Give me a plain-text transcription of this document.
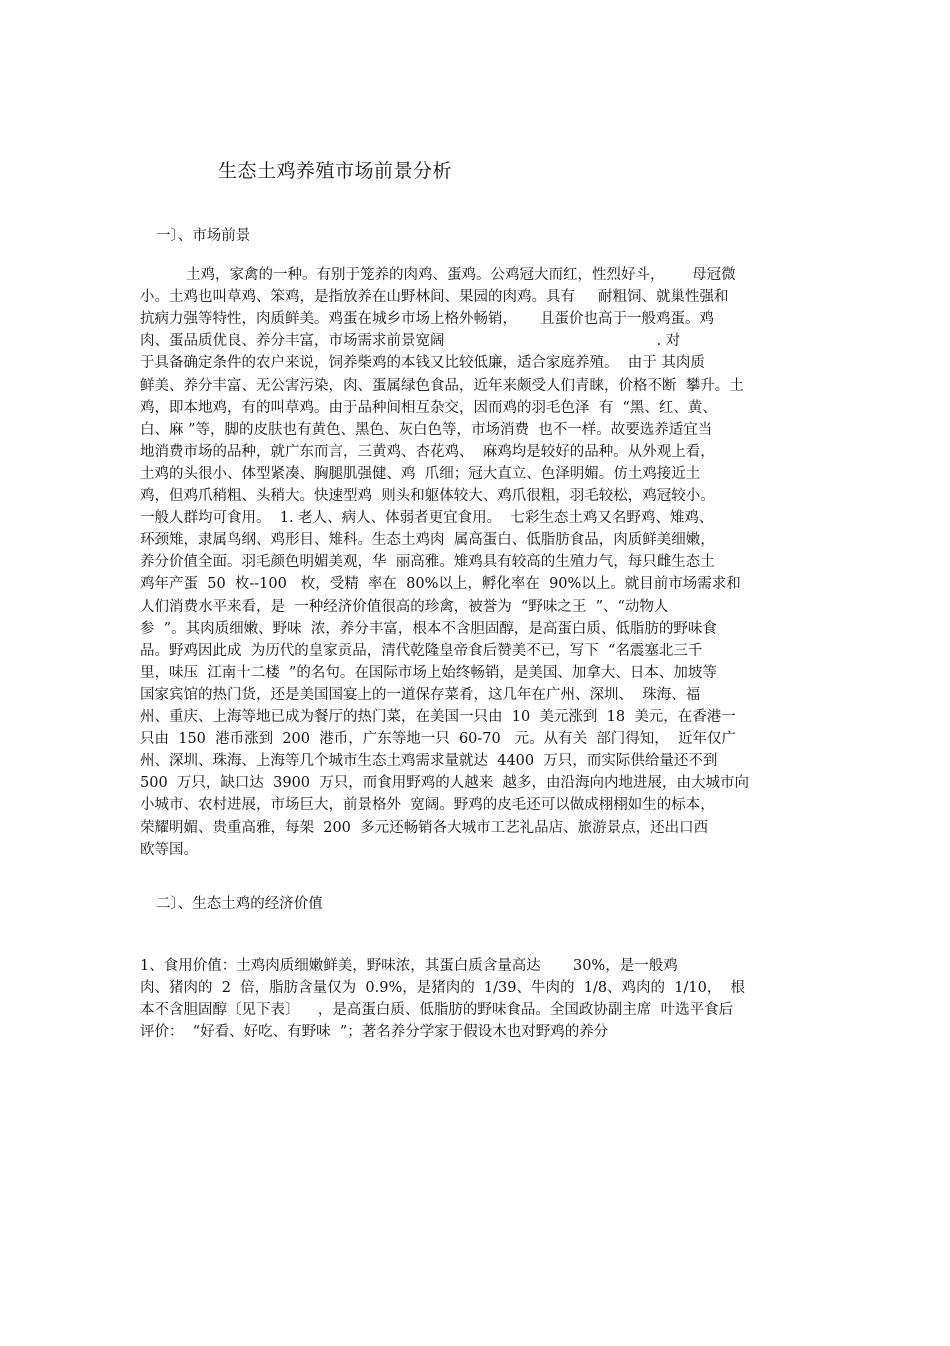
生态土鸡养殖市场前景分析
一〕、市场前景

土鸡，家禽的一种。有别于笼养的肉鸡、蛋鸡。公鸡冠大而红，性烈好斗，      母冠微

小。土鸡也叫草鸡、笨鸡，是指放养在山野林间、果园的肉鸡。具有     耐粗饲、就巢性强和

抗病力强等特性，肉质鲜美。鸡蛋在城乡市场上格外畅销，     且蛋价也高于一般鸡蛋。鸡

肉、蛋品质优良、养分丰富，市场需求前景宽阔                                              . 对

于具备确定条件的农户来说，饲养柴鸡的本钱又比较低廉，适合家庭养殖。  由于 其肉质

鲜美、养分丰富、无公害污染，肉、蛋属绿色食品，近年来颇受人们青睐，价格不断  攀升。土

鸡，即本地鸡，有的叫草鸡。由于品种间相互杂交，因而鸡的羽毛色泽  有  “黑、红、黄、

白、麻 ”等，脚的皮肤也有黄色、黑色、灰白色等，市场消费  也不一样。故要选养适宜当

地消费市场的品种，就广东而言，三黄鸡、杏花鸡、  麻鸡均是较好的品种。从外观上看，

土鸡的头很小、体型紧凑、胸腿肌强健、鸡  爪细；冠大直立、色泽明媚。仿土鸡接近土

鸡，但鸡爪稍粗、头稍大。快速型鸡  则头和躯体较大、鸡爪很粗，羽毛较松，鸡冠较小。

一般人群均可食用。  1. 老人、病人、体弱者更宜食用。  七彩生态土鸡又名野鸡、雉鸡、

环颈雉，隶属鸟纲、鸡形目、雉科。生态土鸡肉  属高蛋白、低脂肪食品，肉质鲜美细嫩，

养分价值全面。羽毛颜色明媚美观，华  丽高雅。雉鸡具有较高的生殖力气，每只雌生态土

鸡年产蛋  50  枚--100   枚，受精  率在  80%以上，孵化率在  90%以上。就目前市场需求和

人们消费水平来看，是  一种经济价值很高的珍禽，被誉为  “野味之王  ”、“动物人

参  ”。其肉质细嫩、野味  浓，养分丰富，根本不含胆固醇，是高蛋白质、低脂肪的野味食

品。野鸡因此成  为历代的皇家贡品，清代乾隆皇帝食后赞美不已，写下  “名震塞北三千

里，味压  江南十二楼  ”的名句。在国际市场上始终畅销，是美国、加拿大、日本、加坡等

国家宾馆的热门货，还是美国国宴上的一道保存菜肴，这几年在广州、深圳、  珠海、福

州、重庆、上海等地已成为餐厅的热门菜，在美国一只由  10  美元涨到  18  美元，在香港一

只由  150  港币涨到  200  港币，广东等地一只  60-70   元。从有关  部门得知，  近年仅广

州、深圳、珠海、上海等几个城市生态土鸡需求量就达  4400  万只，而实际供给量还不到

500  万只，缺口达  3900  万只，而食用野鸡的人越来  越多，由沿海向内地进展，由大城市向

小城市、农村进展，市场巨大，前景格外  宽阔。野鸡的皮毛还可以做成栩栩如生的标本，

荣耀明媚、贵重高雅，每架  200  多元还畅销各大城市工艺礼品店、旅游景点，还出口西

欧等国。

二〕、生态土鸡的经济价值

1、食用价值：土鸡肉质细嫩鲜美，野味浓，其蛋白质含量高达       30%，是一般鸡

肉、猪肉的  2  倍，脂肪含量仅为  0.9%，是猪肉的  1/39、牛肉的  1/8、鸡肉的  1/10，  根

本不含胆固醇〔见下表〕    ，是高蛋白质、低脂肪的野味食品。全国政协副主席  叶选平食后

评价：  “好看、好吃、有野味  ”；著名养分学家于假设木也对野鸡的养分
